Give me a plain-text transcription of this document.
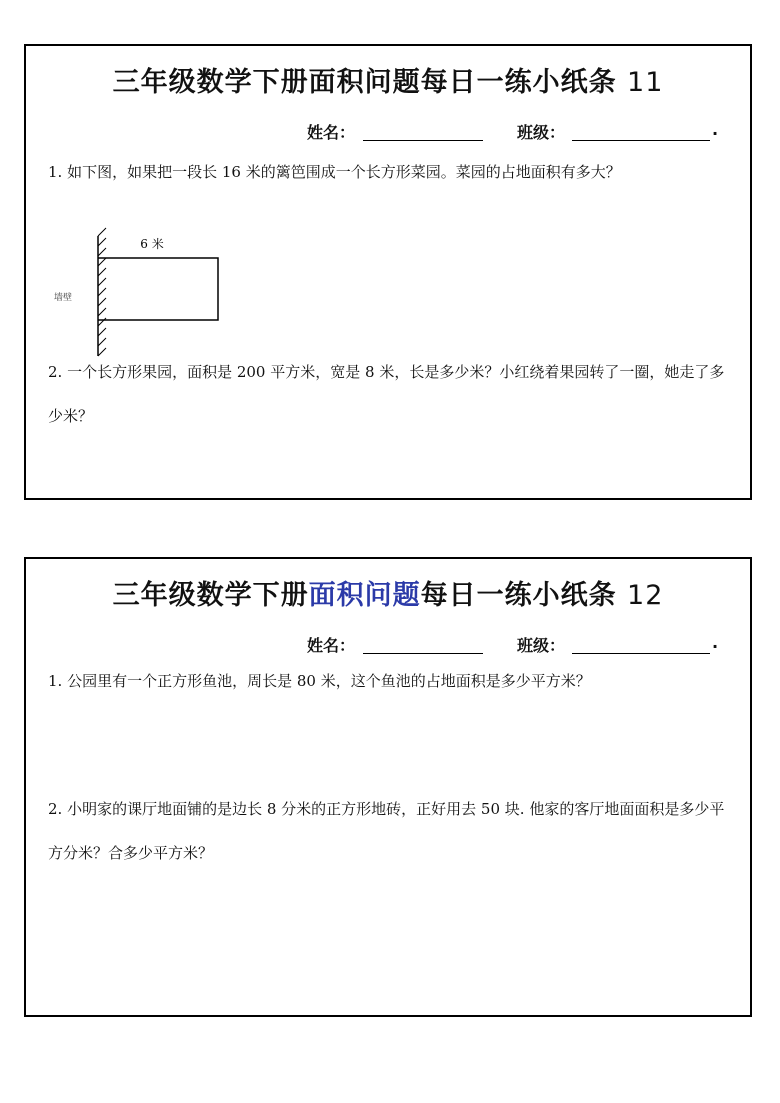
三年级数学下册面积问题每日一练小纸条 11
姓名：	班级：	.
1. 如下图，如果把一段长 16 米的篱笆围成一个长方形菜园。菜园的占地面积有多大？
6 米
墙壁
2. 一个长方形果园，面积是 200 平方米，宽是 8 米，长是多少米？小红绕着果园转了一圈，她走了多少米？
三年级数学下册面积问题每日一练小纸条 12
姓名：	班级：	.
1. 公园里有一个正方形鱼池，周长是 80 米，这个鱼池的占地面积是多少平方米？
2. 小明家的课厅地面铺的是边长 8 分米的正方形地砖，正好用去 50 块. 他家的客厅地面面积是多少平方分米？合多少平方米？
